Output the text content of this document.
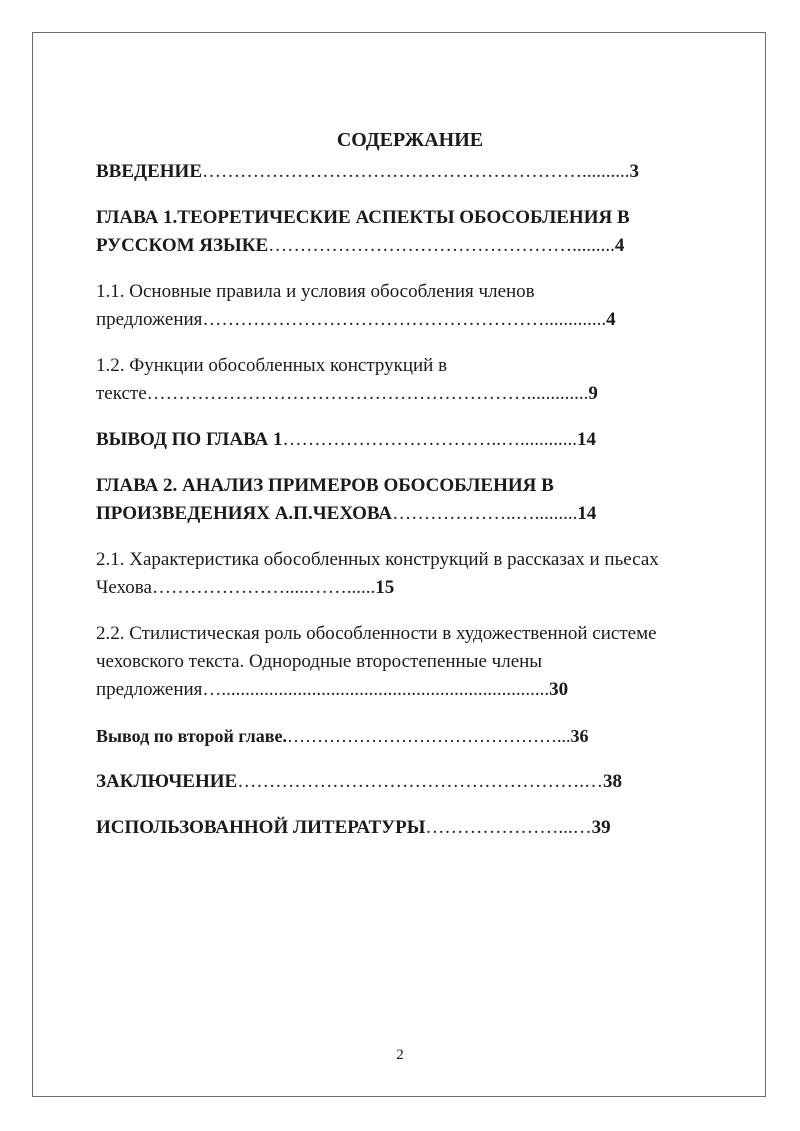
СОДЕРЖАНИЕ

ВВЕДЕНИЕ……………………………………………………..........3

ГЛАВА 1.ТЕОРЕТИЧЕСКИЕ АСПЕКТЫ ОБОСОБЛЕНИЯ В РУССКОМ ЯЗЫКЕ………………………………………….........4

1.1. Основные правила и условия обособления членов предложения……………………………………………….............4

1.2. Функции обособленных конструкций в тексте…………………………………………………….............9

ВЫВОД ПО ГЛАВА 1……………………………..…............14

ГЛАВА 2. АНАЛИЗ ПРИМЕРОВ ОБОСОБЛЕНИЯ В ПРОИЗВЕДЕНИЯХ А.П.ЧЕХОВА………………..….........14

2.1. Характеристика обособленных конструкций в рассказах и пьесах Чехова………………….....……......15

2.2. Стилистическая роль обособленности в художественной системе чеховского текста. Однородные второстепенные члены предложения….....................................................................30

Вывод по второй главе.………………………………………...36

ЗАКЛЮЧЕНИЕ……………………………………………….…38

ИСПОЛЬЗОВАННОЙ ЛИТЕРАТУРЫ…………………...…39

2
